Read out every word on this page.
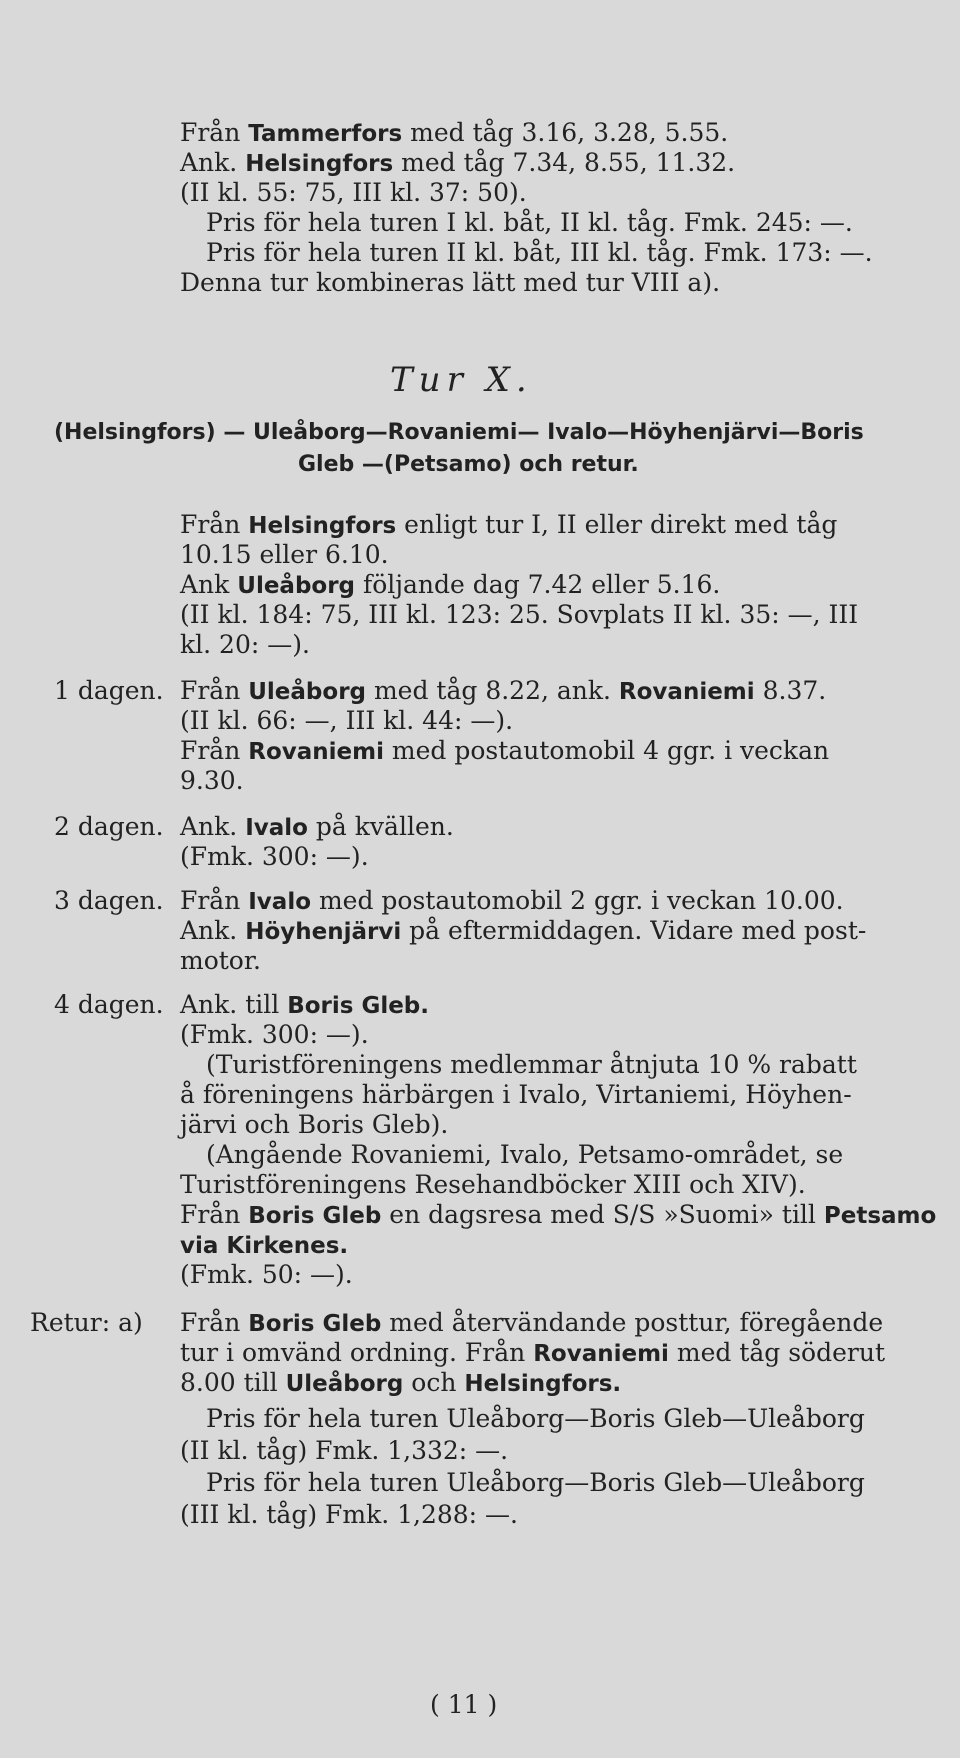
Från Tammerfors med tåg 3.16, 3.28, 5.55.
Ank. Helsingfors med tåg 7.34, 8.55, 11.32.
(II kl. 55: 75, III kl. 37: 50).
Pris för hela turen I kl. båt, II kl. tåg. Fmk. 245: —.
Pris för hela turen II kl. båt, III kl. tåg. Fmk. 173: —.
Denna tur kombineras lätt med tur VIII a).
Tur X.
(Helsingfors) — Uleåborg—Rovaniemi— Ivalo—Höyhenjärvi—Boris
Gleb —(Petsamo) och retur.
Från Helsingfors enligt tur I, II eller direkt med tåg
10.15 eller 6.10.
Ank Uleåborg följande dag 7.42 eller 5.16.
(II kl. 184: 75, III kl. 123: 25. Sovplats II kl. 35: —, III
kl. 20: —).
1 dagen. Från Uleåborg med tåg 8.22, ank. Rovaniemi 8.37.
(II kl. 66: —, III kl. 44: —).
Från Rovaniemi med postautomobil 4 ggr. i veckan
9.30.
2 dagen. Ank. Ivalo på kvällen.
(Fmk. 300: —).
3 dagen. Från Ivalo med postautomobil 2 ggr. i veckan 10.00.
Ank. Höyhenjärvi på eftermiddagen. Vidare med post-
motor.
4 dagen. Ank. till Boris Gleb.
(Fmk. 300: —).
(Turistföreningens medlemmar åtnjuta 10 % rabatt
å föreningens härbärgen i Ivalo, Virtaniemi, Höyhen-
järvi och Boris Gleb).
(Angående Rovaniemi, Ivalo, Petsamo-området, se
Turistföreningens Resehandböcker XIII och XIV).
Från Boris Gleb en dagsresa med S/S »Suomi» till Petsamo
via Kirkenes.
(Fmk. 50: —).
Retur: a) Från Boris Gleb med återvändande posttur, föregående
tur i omvänd ordning. Från Rovaniemi med tåg söderut
8.00 till Uleåborg och Helsingfors.
Pris för hela turen Uleåborg—Boris Gleb—Uleåborg
(II kl. tåg) Fmk. 1,332: —.
Pris för hela turen Uleåborg—Boris Gleb—Uleåborg
(III kl. tåg) Fmk. 1,288: —.
( 11 )
